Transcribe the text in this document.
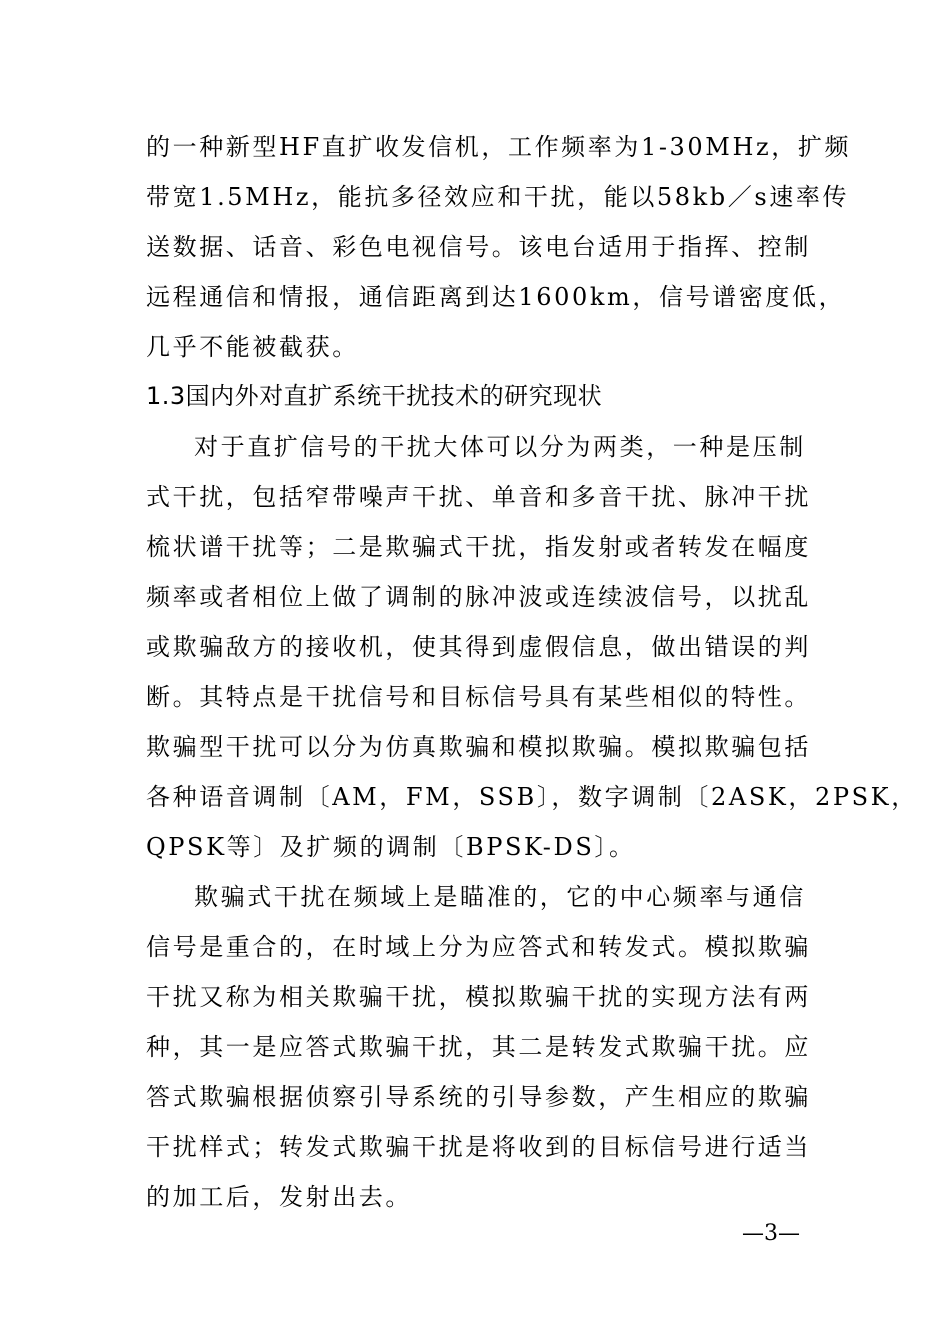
的一种新型HF直扩收发信机，工作频率为1-30MHz，扩频
带宽1.5MHz，能抗多径效应和干扰，能以58kb／s速率传
送数据、话音、彩色电视信号。该电台适用于指挥、控制
远程通信和情报，通信距离到达1600km，信号谱密度低，
几乎不能被截获。
1.3国内外对直扩系统干扰技术的研究现状
对于直扩信号的干扰大体可以分为两类，一种是压制
式干扰，包括窄带噪声干扰、单音和多音干扰、脉冲干扰
梳状谱干扰等；二是欺骗式干扰，指发射或者转发在幅度
频率或者相位上做了调制的脉冲波或连续波信号，以扰乱
或欺骗敌方的接收机，使其得到虚假信息，做出错误的判
断。其特点是干扰信号和目标信号具有某些相似的特性。
欺骗型干扰可以分为仿真欺骗和模拟欺骗。模拟欺骗包括
各种语音调制〔AM，FM，SSB〕，数字调制〔2ASK，2PSK，
QPSK等〕及扩频的调制〔BPSK-DS〕。
欺骗式干扰在频域上是瞄准的，它的中心频率与通信
信号是重合的，在时域上分为应答式和转发式。模拟欺骗
干扰又称为相关欺骗干扰，模拟欺骗干扰的实现方法有两
种，其一是应答式欺骗干扰，其二是转发式欺骗干扰。应
答式欺骗根据侦察引导系统的引导参数，产生相应的欺骗
干扰样式；转发式欺骗干扰是将收到的目标信号进行适当
的加工后，发射出去。
—3—
